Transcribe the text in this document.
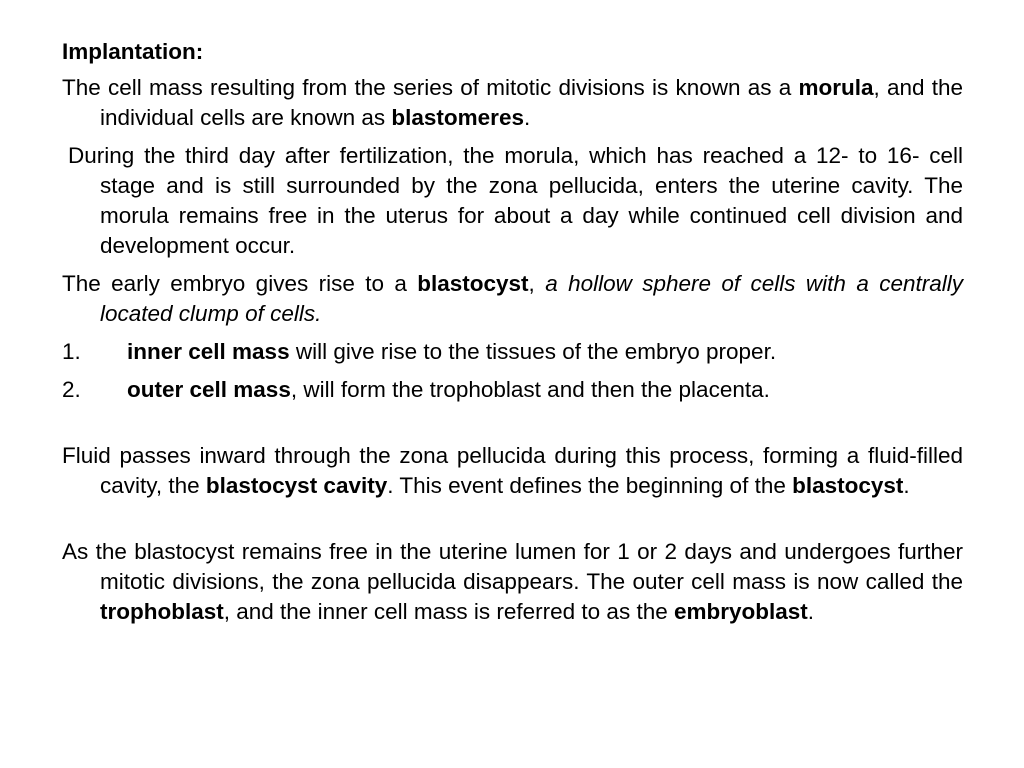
Implantation:

The cell mass resulting from the series of mitotic divisions is known as a morula, and the individual cells are known as blastomeres.

During the third day after fertilization, the morula, which has reached a 12- to 16- cell stage and is still surrounded by the zona pellucida, enters the uterine cavity. The morula remains free in the uterus for about a day while continued cell division and development occur.

The early embryo gives rise to a blastocyst, a hollow sphere of cells with a centrally located clump of cells.

1.	inner cell mass will give rise to the tissues of the embryo proper.
2.	outer cell mass, will form the trophoblast and then the placenta.

Fluid passes inward through the zona pellucida during this process, forming a fluid-filled cavity, the blastocyst cavity. This event defines the beginning of the blastocyst.

As the blastocyst remains free in the uterine lumen for 1 or 2 days and undergoes further mitotic divisions, the zona pellucida disappears. The outer cell mass is now called the trophoblast, and the inner cell mass is referred to as the embryoblast.
